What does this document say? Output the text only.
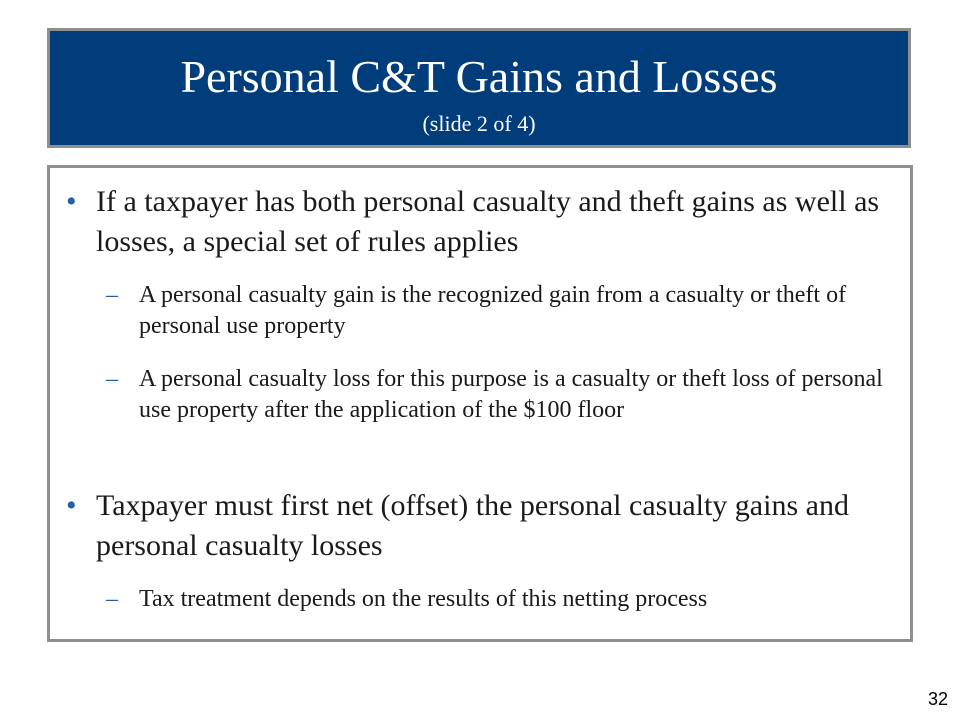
Personal C&T Gains and Losses
(slide 2 of 4)
• If a taxpayer has both personal casualty and theft gains as well as losses, a special set of rules applies
– A personal casualty gain is the recognized gain from a casualty or theft of personal use property
– A personal casualty loss for this purpose is a casualty or theft loss of personal use property after the application of the $100 floor
• Taxpayer must first net (offset) the personal casualty gains and personal casualty losses
– Tax treatment depends on the results of this netting process
32
